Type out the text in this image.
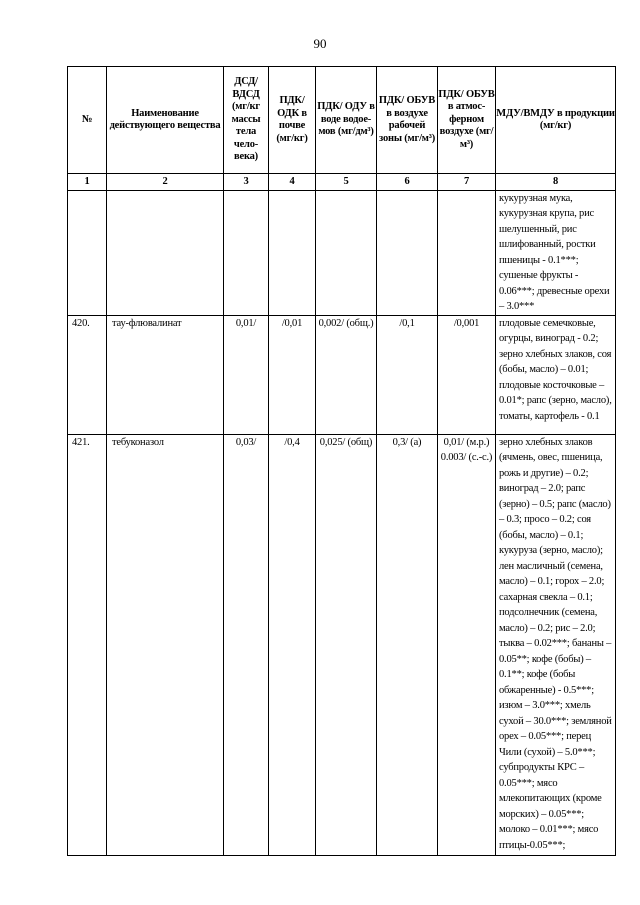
90
№	Наименование действующего вещества	ДСД/ ВДСД (мг/кг массы тела чело-века)	ПДК/ ОДК в почве (мг/кг)	ПДК/ ОДУ в воде водое-мов (мг/дм³)	ПДК/ ОБУВ в воздухе рабочей зоны (мг/м³)	ПДК/ ОБУВ в атмос-ферном воздухе (мг/м³)	МДУ/ВМДУ в продукции (мг/кг)
1	2	3	4	5	6	7	8
							кукурузная мука, кукурузная крупа, рис шелушенный, рис шлифованный, ростки пшеницы - 0.1***; сушеные фрукты - 0.06***; древесные орехи – 3.0***
420.	тау-флювалинат	0,01/	/0,01	0,002/ (общ.)	/0,1	/0,001	плодовые семечковые, огурцы, виноград - 0.2; зерно хлебных злаков, соя (бобы, масло) – 0.01; плодовые косточковые – 0.01*; рапс (зерно, масло), томаты, картофель - 0.1
421.	тебуконазол	0,03/	/0,4	0,025/ (общ)	0,3/ (а)	0,01/ (м.р.) 0.003/ (с.-с.)	зерно хлебных злаков (ячмень, овес, пшеница, рожь и другие) – 0.2; виноград – 2.0; рапс (зерно) – 0.5; рапс (масло) – 0.3; просо – 0.2; соя (бобы, масло) – 0.1; кукуруза (зерно, масло); лен масличный (семена, масло) – 0.1; горох – 2.0; сахарная свекла – 0.1; подсолнечник (семена, масло) – 0.2; рис – 2.0; тыква – 0.02***; бананы – 0.05**; кофе (бобы) – 0.1**; кофе (бобы обжаренные) - 0.5***; изюм – 3.0***; хмель сухой – 30.0***; земляной орех – 0.05***; перец Чили (сухой) – 5.0***; субпродукты КРС – 0.05***; мясо млекопитающих (кроме морских) – 0.05***; молоко – 0.01***; мясо птицы-0.05***;
